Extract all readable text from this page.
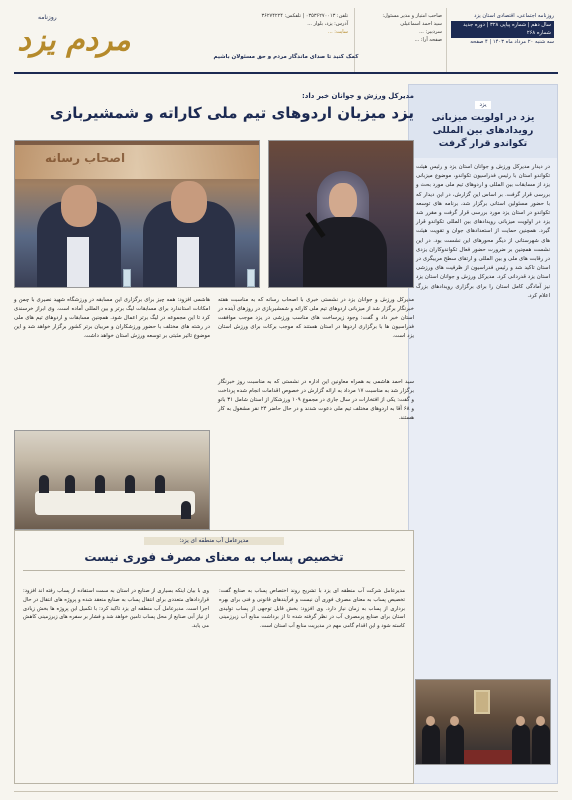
روزنامه اجتماعی، اقتصادی استان یزد
سال دهم | شماره پیاپی ۳۲۸ | دوره جدید شماره ۲۶۸
سه شنبه ۲۰ مرداد ماه ۱۴۰۳ | ۴ صفحه
صاحب امتیاز و مدیر مسئول:
سید احمد اسماعیلی
سردبیر: ...
صفحه آرا: ...
تلفن: ۰۳۵۳۶۲۷۰۰۱۳ | تلفکس: ۳۶۲۷۴۲۲۴
آدرس: یزد، بلوار ...
سایت: ...
روزنامه
مردم یزد	کمک کنید تا صدای ماندگار مردم و حق مسئولان باشیم
یزد
یزد در اولویت میزبانی رویدادهای بین المللی تکواندو قرار گرفت
در دیدار مدیرکل ورزش و جوانان استان یزد و رئیس هیئت تکواندو استان با رئیس فدراسیون تکواندو، موضوع میزبانی یزد از مسابقات بین المللی و اردوهای تیم ملی مورد بحث و بررسی قرار گرفت. بر اساس این گزارش، در این دیدار که با حضور مسئولین استانی برگزار شد، برنامه های توسعه تکواندو در استان یزد مورد بررسی قرار گرفت و مقرر شد یزد در اولویت میزبانی رویدادهای بین المللی تکواندو قرار گیرد. همچنین حمایت از استعدادهای جوان و تقویت هیئت های شهرستانی از دیگر محورهای این نشست بود. در این نشست همچنین بر ضرورت حضور فعال تکواندوکاران یزدی در رقابت های ملی و بین المللی و ارتقای سطح مربیگری در استان تاکید شد و رئیس فدراسیون از ظرفیت های ورزشی استان یزد قدردانی کرد. مدیرکل ورزش و جوانان استان یزد نیز آمادگی کامل استان را برای برگزاری رویدادهای بزرگ اعلام کرد.
مدیرکل ورزش و جوانان خبر داد:
یزد میزبان اردوهای تیم ملی کاراته و شمشیربازی
اصحاب رسانه
هاشمی افزود: همه چیز برای برگزاری این مسابقه در ورزشگاه شهید نصیری با چمن و امکانات استاندارد برای مسابقات لیگ برتر و بین المللی آماده است. وی ابراز خرسندی کرد تا این مجموعه در لیگ برتر اعمال شود. همچنین مسابقات و اردوهای تیم های ملی در رشته های مختلف با حضور ورزشکاران و مربیان برتر کشور برگزار خواهد شد و این موضوع تاثیر مثبتی بر توسعه ورزش استان خواهد داشت.
مدیرکل ورزش و جوانان یزد در نشستی خبری با اصحاب رسانه که به مناسبت هفته خبرنگار برگزار شد از میزبانی اردوهای تیم ملی کاراته و شمشیربازی در روزهای آینده در استان خبر داد و گفت: وجود زیرساخت های مناسب ورزشی در یزد موجب موافقت فدراسیون ها با برگزاری اردوها در استان هستند که موجب برکات برای ورزش استان یزد است.
سید احمد هاشمی به همراه معاونین این اداره در نشستی که به مناسبت روز خبرنگار برگزار شد به مناسبت ۱۷ مرداد به ارائه گزارش در خصوص اقدامات انجام شده پرداخت و گفت: یکی از افتخارات در سال جاری در مجموع ۱۰۹ ورزشکار از استان شامل ۳۱ بانو و ۶۸ آقا به اردوهای مختلف تیم ملی دعوت شدند و در حال حاضر ۲۴ نفر مشغول به کار هستند.
مدیرعامل آب منطقه ای یزد:
تخصیص پساب به معنای مصرف فوری نیست
مدیرعامل شرکت آب منطقه ای یزد با تشریح روند اختصاص پساب به صنایع گفت: تخصیص پساب به معنای مصرف فوری آن نیست و فرآیندهای قانونی و فنی برای بهره برداری از پساب به زمان نیاز دارد. وی افزود: بخش قابل توجهی از پساب تولیدی استان برای صنایع پرمصرف آب در نظر گرفته شده تا از برداشت منابع آب زیرزمینی کاسته شود و این اقدام گامی مهم در مدیریت منابع آب استان است.
وی با بیان اینکه بسیاری از صنایع در استان به سمت استفاده از پساب رفته اند افزود: قراردادهای متعددی برای انتقال پساب به صنایع منعقد شده و پروژه های انتقال در حال اجرا است. مدیرعامل آب منطقه ای یزد تاکید کرد: با تکمیل این پروژه ها بخش زیادی از نیاز آبی صنایع از محل پساب تامین خواهد شد و فشار بر سفره های زیرزمینی کاهش می یابد.
